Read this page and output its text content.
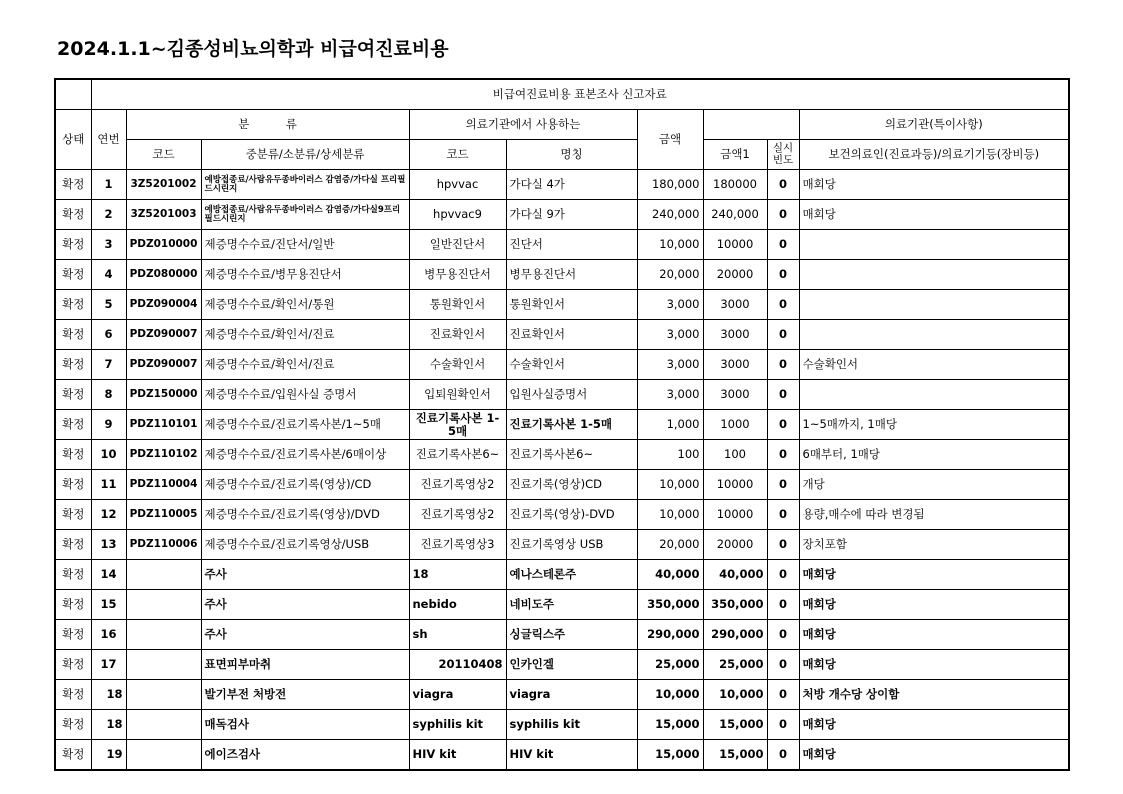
2024.1.1~김종성비뇨의학과 비급여진료비용
	비급여진료비용 표본조사 신고자료								
상태	연번	분          류		의료기관에서 사용하는		금액			의료기관(특이사항)
		코드	중분류/소분류/상세분류	코드	명칭		금액1	실시빈도	보건의료인(진료과등)/의료기기등(장비등)
확정	1	3Z5201002	예방접종료/사람유두종바이러스 감염증/가다실 프리필드시린지	hpvvac	가다실 4가	180,000	180000	0	매회당
확정	2	3Z5201003	예방접종료/사람유두종바이러스 감염증/가다실9프리필드시린지	hpvvac9	가다실 9가	240,000	240,000	0	매회당
확정	3	PDZ010000	제증명수수료/진단서/일반	일반진단서	진단서	10,000	10000	0	
확정	4	PDZ080000	제증명수수료/병무용진단서	병무용진단서	병무용진단서	20,000	20000	0	
확정	5	PDZ090004	제증명수수료/확인서/통원	통원확인서	통원확인서	3,000	3000	0	
확정	6	PDZ090007	제증명수수료/확인서/진료	진료확인서	진료확인서	3,000	3000	0	
확정	7	PDZ090007	제증명수수료/확인서/진료	수술확인서	수술확인서	3,000	3000	0	수술확인서
확정	8	PDZ150000	제증명수수료/입원사실 증명서	입퇴원확인서	입원사실증명서	3,000	3000	0	
확정	9	PDZ110101	제증명수수료/진료기록사본/1~5매	진료기록사본 1-5매	진료기록사본 1-5매	1,000	1000	0	1~5매까지, 1매당
확정	10	PDZ110102	제증명수수료/진료기록사본/6매이상	진료기록사본6~	진료기록사본6~	100	100	0	6매부터, 1매당
확정	11	PDZ110004	제증명수수료/진료기록(영상)/CD	진료기록영상2	진료기록(영상)CD	10,000	10000	0	개당
확정	12	PDZ110005	제증명수수료/진료기록(영상)/DVD	진료기록영상2	진료기록(영상)-DVD	10,000	10000	0	용량,매수에 따라 변경됨
확정	13	PDZ110006	제증명수수료/진료기록영상/USB	진료기록영상3	진료기록영상 USB	20,000	20000	0	장치포함
확정	14		주사	18	예나스테론주	40,000	40,000	0	매회당
확정	15		주사	nebido	네비도주	350,000	350,000	0	매회당
확정	16		주사	sh	싱글릭스주	290,000	290,000	0	매회당
확정	17		표면피부마취	20110408	인카인겔	25,000	25,000	0	매회당
확정	18		발기부전 처방전	viagra	viagra	10,000	10,000	0	처방 개수당 상이함
확정	18		매독검사	syphilis kit	syphilis kit	15,000	15,000	0	매회당
확정	19		에이즈검사	HIV kit	HIV kit	15,000	15,000	0	매회당
